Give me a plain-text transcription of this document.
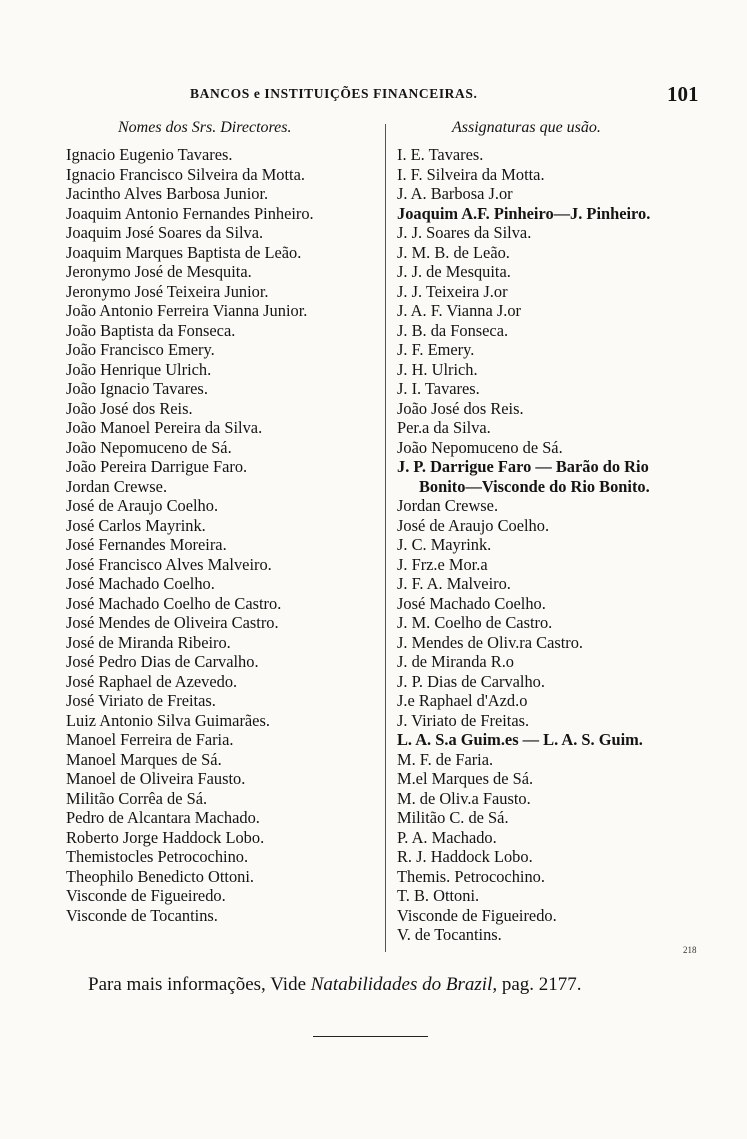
BANCOS e INSTITUIÇÕES FINANCEIRAS.	101
Nomes dos Srs. Directores.	Assignaturas que usão.
Ignacio Eugenio Tavares.
Ignacio Francisco Silveira da Motta.
Jacintho Alves Barbosa Junior.
Joaquim Antonio Fernandes Pinheiro.
Joaquim José Soares da Silva.
Joaquim Marques Baptista de Leão.
Jeronymo José de Mesquita.
Jeronymo José Teixeira Junior.
João Antonio Ferreira Vianna Junior.
João Baptista da Fonseca.
João Francisco Emery.
João Henrique Ulrich.
João Ignacio Tavares.
João José dos Reis.
João Manoel Pereira da Silva.
João Nepomuceno de Sá.
João Pereira Darrigue Faro.
Jordan Crewse.
José de Araujo Coelho.
José Carlos Mayrink.
José Fernandes Moreira.
José Francisco Alves Malveiro.
José Machado Coelho.
José Machado Coelho de Castro.
José Mendes de Oliveira Castro.
José de Miranda Ribeiro.
José Pedro Dias de Carvalho.
José Raphael de Azevedo.
José Viriato de Freitas.
Luiz Antonio Silva Guimarães.
Manoel Ferreira de Faria.
Manoel Marques de Sá.
Manoel de Oliveira Fausto.
Militão Corrêa de Sá.
Pedro de Alcantara Machado.
Roberto Jorge Haddock Lobo.
Themistocles Petrocochino.
Theophilo Benedicto Ottoni.
Visconde de Figueiredo.
Visconde de Tocantins.
I. E. Tavares.
I. F. Silveira da Motta.
J. A. Barbosa J.or
Joaquim A.F. Pinheiro—J. Pinheiro.
J. J. Soares da Silva.
J. M. B. de Leão.
J. J. de Mesquita.
J. J. Teixeira J.or
J. A. F. Vianna J.or
J. B. da Fonseca.
J. F. Emery.
J. H. Ulrich.
J. I. Tavares.
João José dos Reis.
Per.a da Silva.
João Nepomuceno de Sá.
J. P. Darrigue Faro — Barão do Rio
Bonito—Visconde do Rio Bonito.
Jordan Crewse.
José de Araujo Coelho.
J. C. Mayrink.
J. Frz.e Mor.a
J. F. A. Malveiro.
José Machado Coelho.
J. M. Coelho de Castro.
J. Mendes de Oliv.ra Castro.
J. de Miranda R.o
J. P. Dias de Carvalho.
J.e Raphael d'Azd.o
J. Viriato de Freitas.
L. A. S.a Guim.es — L. A. S. Guim.
M. F. de Faria.
M.el Marques de Sá.
M. de Oliv.a Fausto.
Militão C. de Sá.
P. A. Machado.
R. J. Haddock Lobo.
Themis. Petrocochino.
T. B. Ottoni.
Visconde de Figueiredo.
V. de Tocantins.
218
Para mais informações, Vide Natabilidades do Brazil, pag. 2177.
